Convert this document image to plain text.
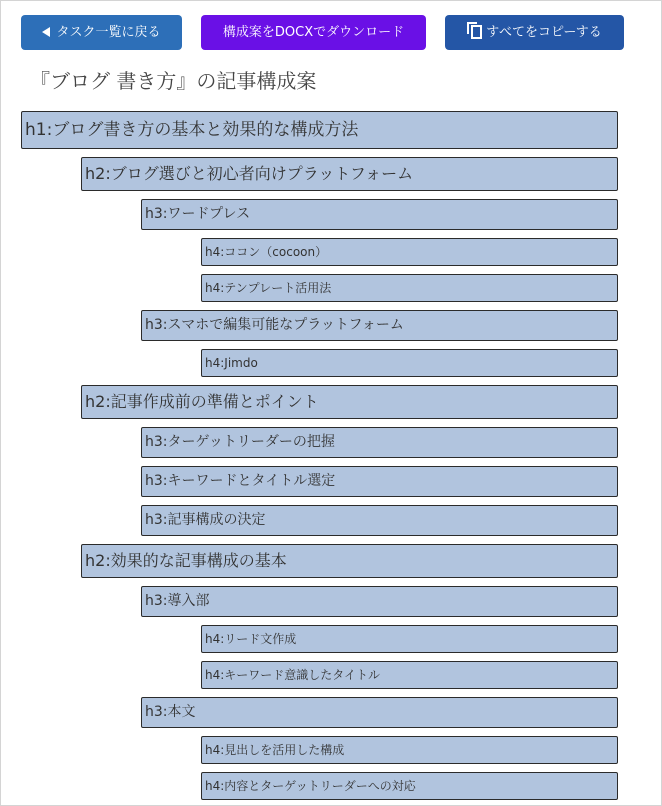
タスク一覧に戻る	構成案をDOCXでダウンロード	すべてをコピーする
『ブログ 書き方』の記事構成案
h1:ブログ書き方の基本と効果的な構成方法
h2:ブログ選びと初心者向けプラットフォーム
h3:ワードプレス
h4:ココン（cocoon）
h4:テンプレート活用法
h3:スマホで編集可能なプラットフォーム
h4:Jimdo
h2:記事作成前の準備とポイント
h3:ターゲットリーダーの把握
h3:キーワードとタイトル選定
h3:記事構成の決定
h2:効果的な記事構成の基本
h3:導入部
h4:リード文作成
h4:キーワード意識したタイトル
h3:本文
h4:見出しを活用した構成
h4:内容とターゲットリーダーへの対応
